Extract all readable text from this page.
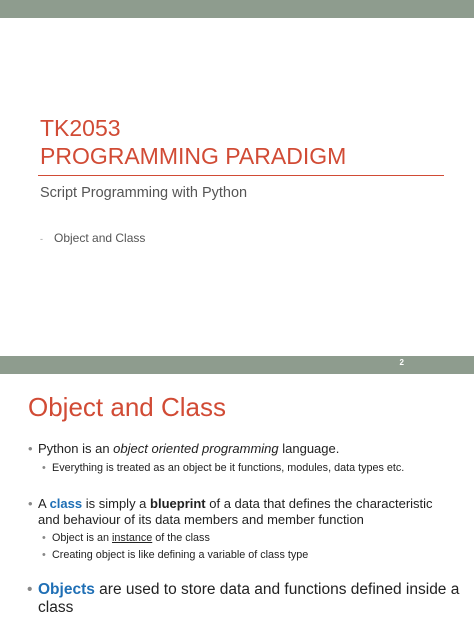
TK2053
PROGRAMMING PARADIGM
Script Programming with Python
- Object and Class
2
Object and Class
• Python is an object oriented programming language.
• Everything is treated as an object be it functions, modules, data types etc.
• A class is simply a blueprint of a data that defines the characteristic
and behaviour of its data members and member function
• Object is an instance of the class
• Creating object is like defining a variable of class type
• Objects are used to store data and functions defined inside a
class
